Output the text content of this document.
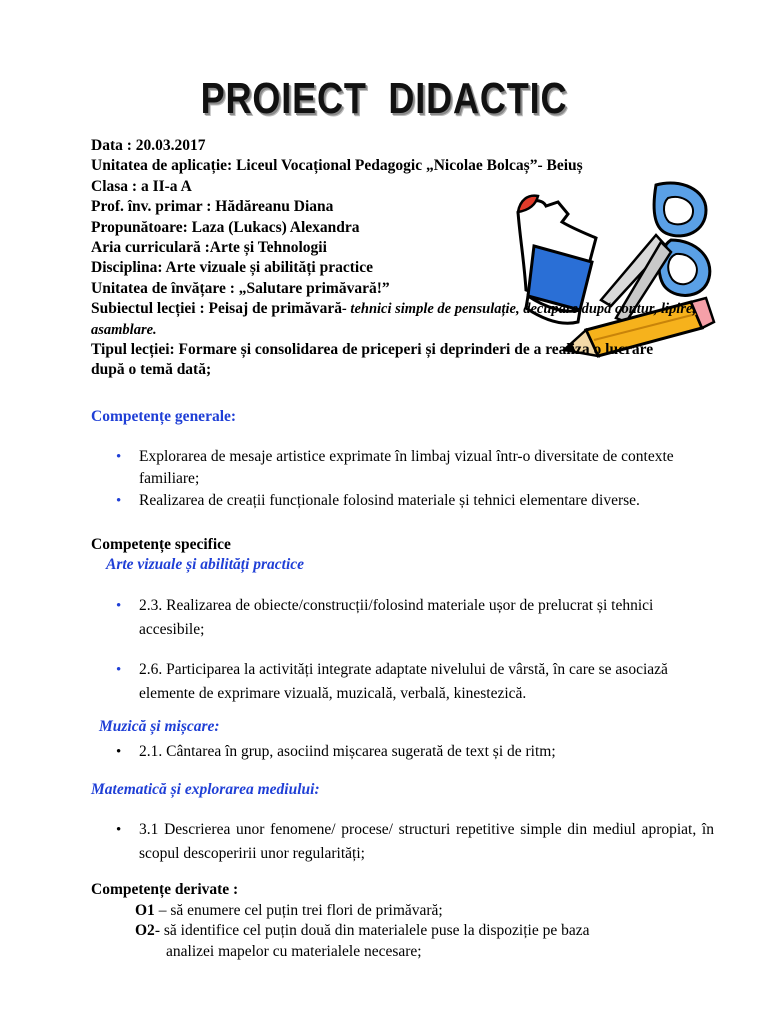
PROIECT  DIDACTIC
Data : 20.03.2017
Unitatea de aplicație: Liceul Vocațional Pedagogic „Nicolae Bolcaș”- Beiuș
Clasa : a II-a A
Prof. înv. primar : Hădăreanu Diana
Propunătoare: Laza (Lukacs) Alexandra
Aria curriculară :Arte și Tehnologii
Disciplina: Arte vizuale și abilități practice
Unitatea de învățare : „Salutare primăvară!”
Subiectul lecției : Peisaj de primăvară- tehnici simple de pensulație, decupare după contur, lipire, asamblare.
Tipul lecției: Formare și consolidarea de priceperi și deprinderi de a realiza o lucrare după o temă dată;
Competențe generale:
• Explorarea de mesaje artistice exprimate în limbaj vizual într-o diversitate de contexte familiare;
• Realizarea de creații funcționale folosind materiale și tehnici elementare diverse.
Competențe specifice
Arte vizuale și abilități practice
• 2.3. Realizarea de obiecte/construcții/folosind materiale ușor de prelucrat și tehnici accesibile;
• 2.6. Participarea la activități integrate adaptate nivelului de vârstă, în care se asociază elemente de exprimare vizuală, muzicală, verbală, kinestezică.
Muzică și mișcare:
• 2.1. Cântarea în grup, asociind mișcarea sugerată de text și de ritm;
Matematică și explorarea mediului:
• 3.1 Descrierea unor fenomene/ procese/ structuri repetitive simple din mediul apropiat, în scopul descoperirii unor regularități;
Competențe derivate :
O1 – să enumere cel puțin trei flori de primăvară;
O2- să identifice cel puțin două din materialele puse la dispoziție pe baza
analizei mapelor cu materialele necesare;
